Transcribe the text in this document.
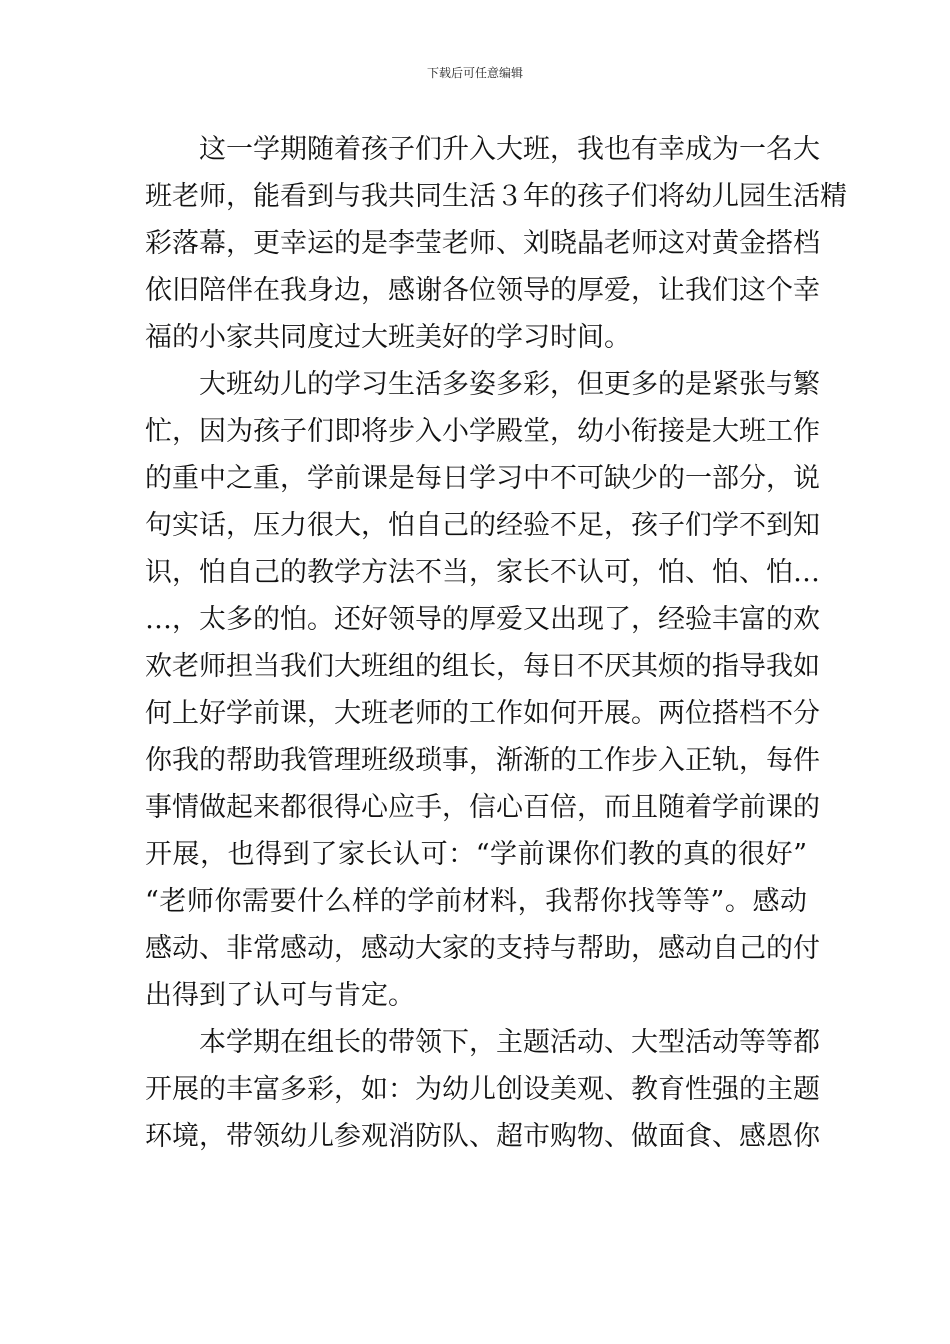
下载后可任意编辑
这一学期随着孩子们升入大班，我也有幸成为一名大
班老师，能看到与我共同生活３年的孩子们将幼儿园生活精
彩落幕，更幸运的是李莹老师、刘晓晶老师这对黄金搭档
依旧陪伴在我身边，感谢各位领导的厚爱，让我们这个幸
福的小家共同度过大班美好的学习时间。
大班幼儿的学习生活多姿多彩，但更多的是紧张与繁
忙，因为孩子们即将步入小学殿堂，幼小衔接是大班工作
的重中之重，学前课是每日学习中不可缺少的一部分，说
句实话，压力很大，怕自己的经验不足，孩子们学不到知
识，怕自己的教学方法不当，家长不认可，怕、怕、怕…
…，太多的怕。还好领导的厚爱又出现了，经验丰富的欢
欢老师担当我们大班组的组长，每日不厌其烦的指导我如
何上好学前课，大班老师的工作如何开展。两位搭档不分
你我的帮助我管理班级琐事，渐渐的工作步入正轨，每件
事情做起来都很得心应手，信心百倍，而且随着学前课的
开展，也得到了家长认可：“学前课你们教的真的很好”
“老师你需要什么样的学前材料，我帮你找等等”。感动
感动、非常感动，感动大家的支持与帮助，感动自己的付
出得到了认可与肯定。
本学期在组长的带领下，主题活动、大型活动等等都
开展的丰富多彩，如：为幼儿创设美观、教育性强的主题
环境，带领幼儿参观消防队、超市购物、做面食、感恩你
